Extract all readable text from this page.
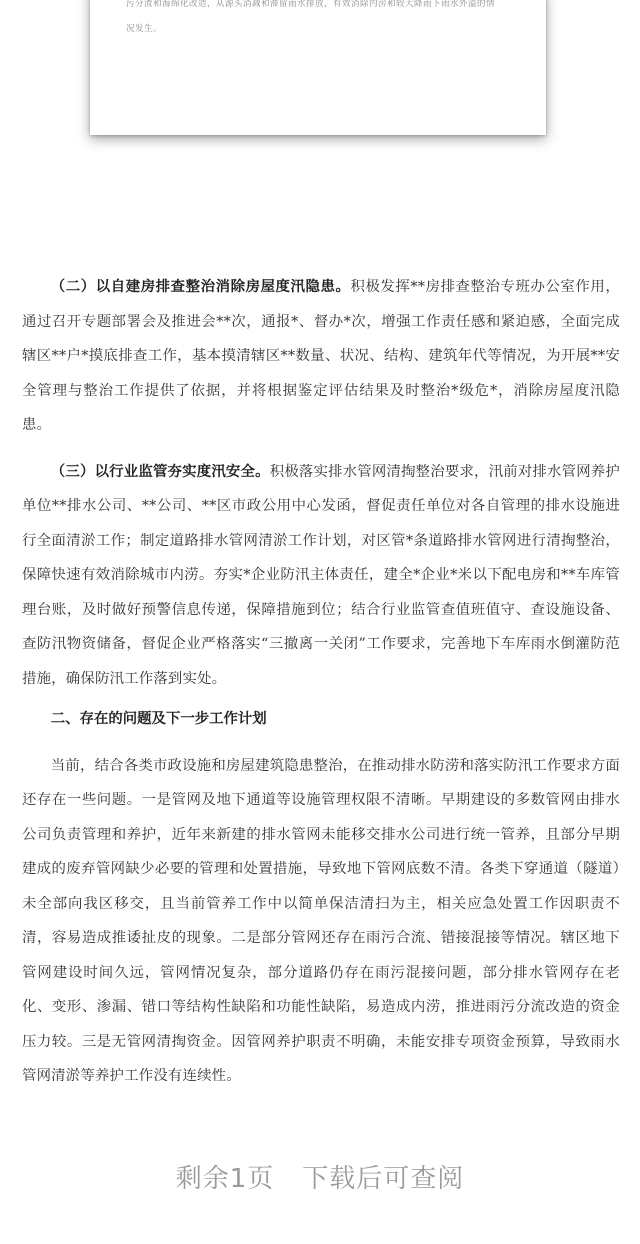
污分流和海绵化改造，从源头消减和滞留雨水排放，有效消除内涝和较大降雨下雨水外溢的情
况发生。

（二）以自建房排查整治消除房屋度汛隐患。积极发挥**房排查整治专班办公室作用，通过召开专题部署会及推进会**次，通报*、督办*次，增强工作责任感和紧迫感，全面完成辖区**户*摸底排查工作，基本摸清辖区**数量、状况、结构、建筑年代等情况，为开展**安全管理与整治工作提供了依据，并将根据鉴定评估结果及时整治*级危*，消除房屋度汛隐患。

（三）以行业监管夯实度汛安全。积极落实排水管网清掏整治要求，汛前对排水管网养护单位**排水公司、**公司、**区市政公用中心发函，督促责任单位对各自管理的排水设施进行全面清淤工作；制定道路排水管网清淤工作计划，对区管*条道路排水管网进行清掏整治，保障快速有效消除城市内涝。夯实*企业防汛主体责任，建全*企业*米以下配电房和**车库管理台账，及时做好预警信息传递，保障措施到位；结合行业监管查值班值守、查设施设备、查防汛物资储备，督促企业严格落实“三撤离一关闭”工作要求，完善地下车库雨水倒灌防范措施，确保防汛工作落到实处。

二、存在的问题及下一步工作计划

当前，结合各类市政设施和房屋建筑隐患整治，在推动排水防涝和落实防汛工作要求方面还存在一些问题。一是管网及地下通道等设施管理权限不清晰。早期建设的多数管网由排水公司负责管理和养护，近年来新建的排水管网未能移交排水公司进行统一管养，且部分早期建成的废弃管网缺少必要的管理和处置措施，导致地下管网底数不清。各类下穿通道（隧道）未全部向我区移交，且当前管养工作中以简单保洁清扫为主，相关应急处置工作因职责不清，容易造成推诿扯皮的现象。二是部分管网还存在雨污合流、错接混接等情况。辖区地下管网建设时间久远，管网情况复杂，部分道路仍存在雨污混接问题，部分排水管网存在老化、变形、渗漏、错口等结构性缺陷和功能性缺陷，易造成内涝，推进雨污分流改造的资金压力较。三是无管网清掏资金。因管网养护职责不明确，未能安排专项资金预算，导致雨水管网清淤等养护工作没有连续性。

剩余1页 下载后可查阅
